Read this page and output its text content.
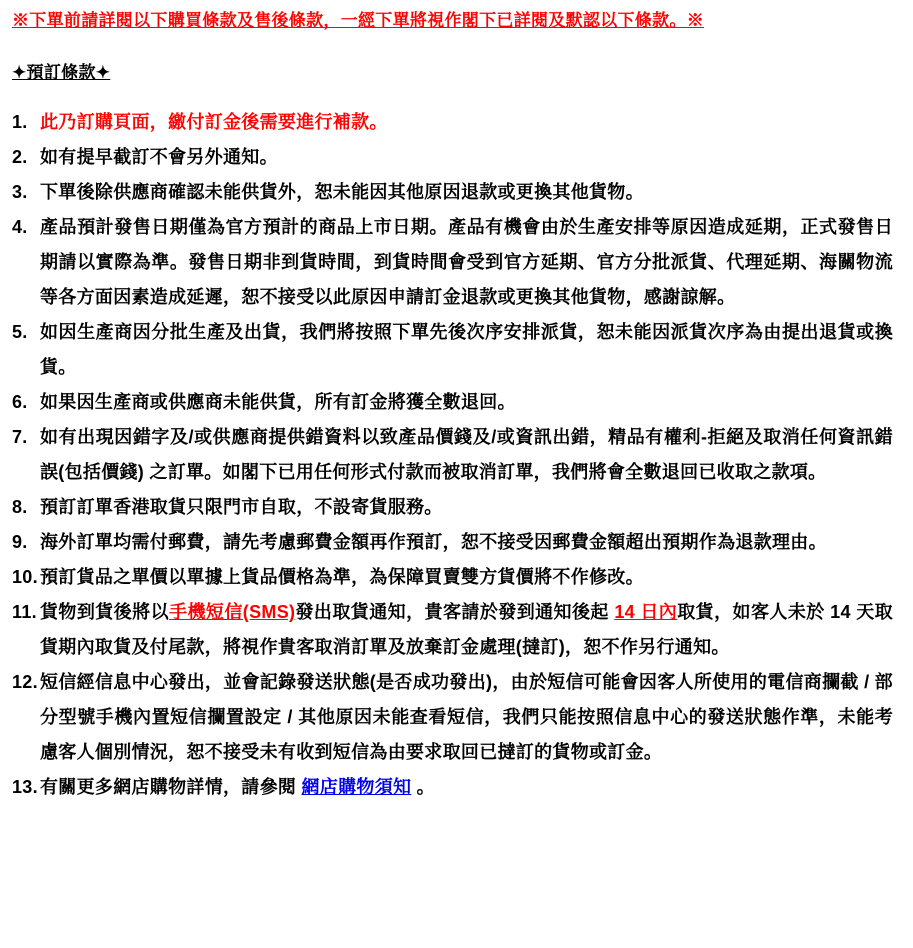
※下單前請詳閱以下購買條款及售後條款，一經下單將視作閣下已詳閱及默認以下條款。※
✦預訂條款✦
1. 此乃訂購頁面，繳付訂金後需要進行補款。
2. 如有提早截訂不會另外通知。
3. 下單後除供應商確認未能供貨外，恕未能因其他原因退款或更換其他貨物。
4. 產品預計發售日期僅為官方預計的商品上市日期。產品有機會由於生產安排等原因造成延期，正式發售日期請以實際為準。發售日期非到貨時間，到貨時間會受到官方延期、官方分批派貨、代理延期、海關物流等各方面因素造成延遲，恕不接受以此原因申請訂金退款或更換其他貨物，感謝諒解。
5. 如因生產商因分批生產及出貨，我們將按照下單先後次序安排派貨，恕未能因派貨次序為由提出退貨或換貨。
6. 如果因生產商或供應商未能供貨，所有訂金將獲全數退回。
7. 如有出現因錯字及/或供應商提供錯資料以致產品價錢及/或資訊出錯，精品有權利-拒絕及取消任何資訊錯誤(包括價錢) 之訂單。如閣下已用任何形式付款而被取消訂單，我們將會全數退回已收取之款項。
8. 預訂訂單香港取貨只限門市自取，不設寄貨服務。
9. 海外訂單均需付郵費，請先考慮郵費金額再作預訂，恕不接受因郵費金額超出預期作為退款理由。
10. 預訂貨品之單價以單據上貨品價格為準，為保障買賣雙方貨價將不作修改。
11. 貨物到貨後將以手機短信(SMS)發出取貨通知，貴客請於發到通知後起 14 日內取貨，如客人未於 14 天取貨期內取貨及付尾款，將視作貴客取消訂單及放棄訂金處理(撻訂)，恕不作另行通知。
12. 短信經信息中心發出，並會記錄發送狀態(是否成功發出)，由於短信可能會因客人所使用的電信商攔截 / 部分型號手機內置短信攔置設定 / 其他原因未能查看短信，我們只能按照信息中心的發送狀態作準，未能考慮客人個別情況，恕不接受未有收到短信為由要求取回已撻訂的貨物或訂金。
13. 有關更多網店購物詳情，請參閱 網店購物須知 。
